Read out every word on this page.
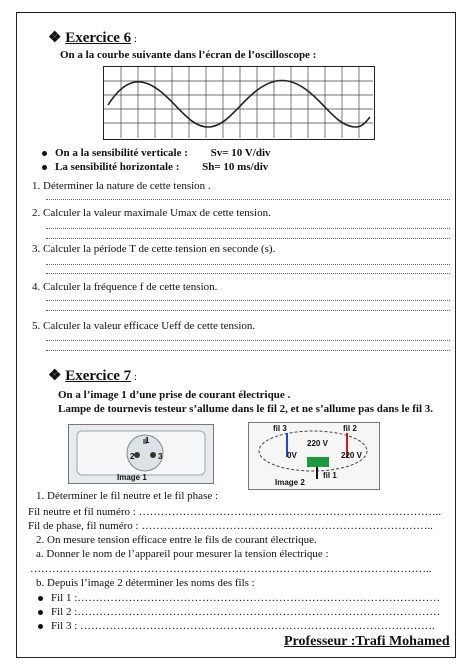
❖ Exercice 6 :
On a la courbe suivante dans l’écran de l’oscilloscope :
On a la sensibilité verticale : Sv= 10 V/div
La sensibilité horizontale : Sh= 10 ms/div
1. Déterminer la nature de cette tension .
2. Calculer la valeur maximale Umax de cette tension.
3. Calculer la période T de cette tension en seconde (s).
4. Calculer la fréquence f de cette tension.
5. Calculer la valeur efficace Ueff de cette tension.
❖ Exercice 7 :
On a l’image 1 d’une prise de courant électrique .
Lampe de tournevis testeur s’allume dans le fil 2, et ne s’allume pas dans le fil 3.
1
2	3
Image 1
fil 3	fil 2
220 V
0V	220 V
fil 1
Image 2
1. Déterminer le fil neutre et le fil phase :
Fil neutre et fil numéro : ………………………………………………………………………..
Fil de phase, fil numéro : ……………………………………………………………………..
2. On mesure tension efficace entre le fils de courant électrique.
a. Donner le nom de l’appareil pour mesurer la tension électrique :
………………………………………………………………………………………………..
b. Depuis l’image 2 déterminer les noms des fils :
Fil 1 :………………………………………………………………………………………
Fil 2 :………………………………………………………………………………………
Fil 3 : …………………………………………………………………………………….
Professeur :Trafi Mohamed
